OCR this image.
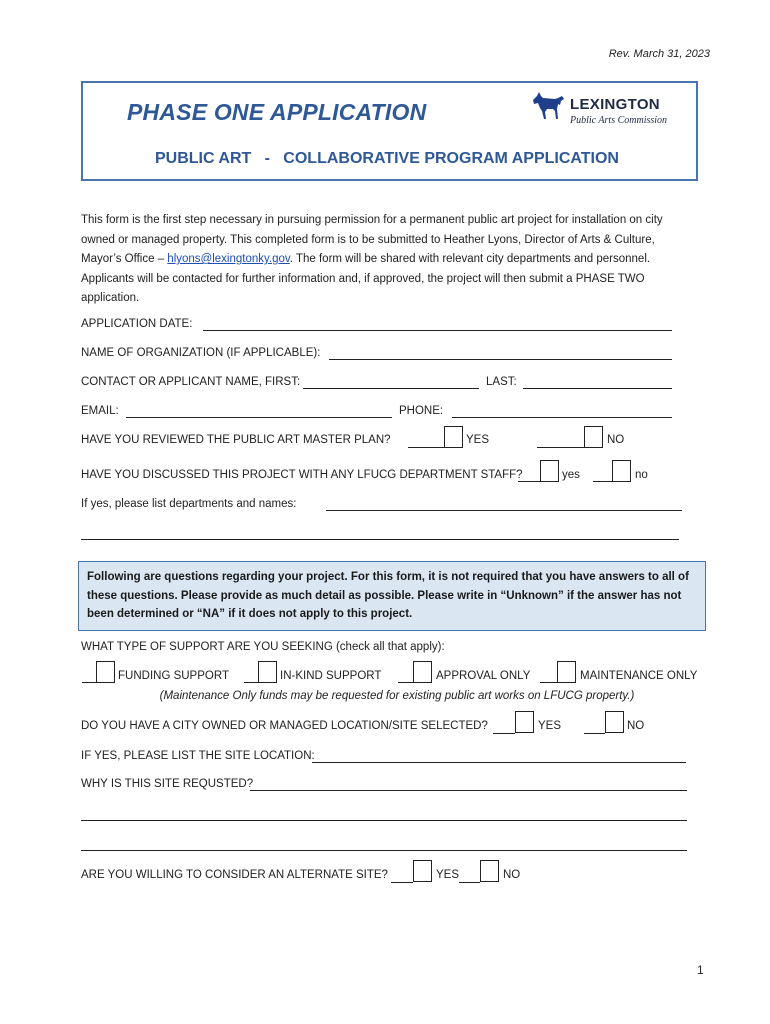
Rev. March 31, 2023
PHASE ONE APPLICATION
PUBLIC ART   -   COLLABORATIVE PROGRAM APPLICATION
LEXINGTON
Public Arts Commission
This form is the first step necessary in pursuing permission for a permanent public art project for installation on city owned or managed property. This completed form is to be submitted to Heather Lyons, Director of Arts & Culture, Mayor’s Office – hlyons@lexingtonky.gov. The form will be shared with relevant city departments and personnel. Applicants will be contacted for further information and, if approved, the project will then submit a PHASE TWO application.
APPLICATION DATE:
NAME OF ORGANIZATION (IF APPLICABLE):
CONTACT OR APPLICANT NAME, FIRST:	LAST:
EMAIL:	PHONE:
HAVE YOU REVIEWED THE PUBLIC ART MASTER PLAN?	YES	NO
HAVE YOU DISCUSSED THIS PROJECT WITH ANY LFUCG DEPARTMENT STAFF?	yes	no
If yes, please list departments and names:
Following are questions regarding your project. For this form, it is not required that you have answers to all of these questions. Please provide as much detail as possible. Please write in “Unknown” if the answer has not been determined or “NA” if it does not apply to this project.
WHAT TYPE OF SUPPORT ARE YOU SEEKING (check all that apply):
FUNDING SUPPORT	IN-KIND SUPPORT	APPROVAL ONLY	MAINTENANCE ONLY
(Maintenance Only funds may be requested for existing public art works on LFUCG property.)
DO YOU HAVE A CITY OWNED OR MANAGED LOCATION/SITE SELECTED?	YES	NO
IF YES, PLEASE LIST THE SITE LOCATION:
WHY IS THIS SITE REQUSTED?
ARE YOU WILLING TO CONSIDER AN ALTERNATE SITE?	YES	NO
1
